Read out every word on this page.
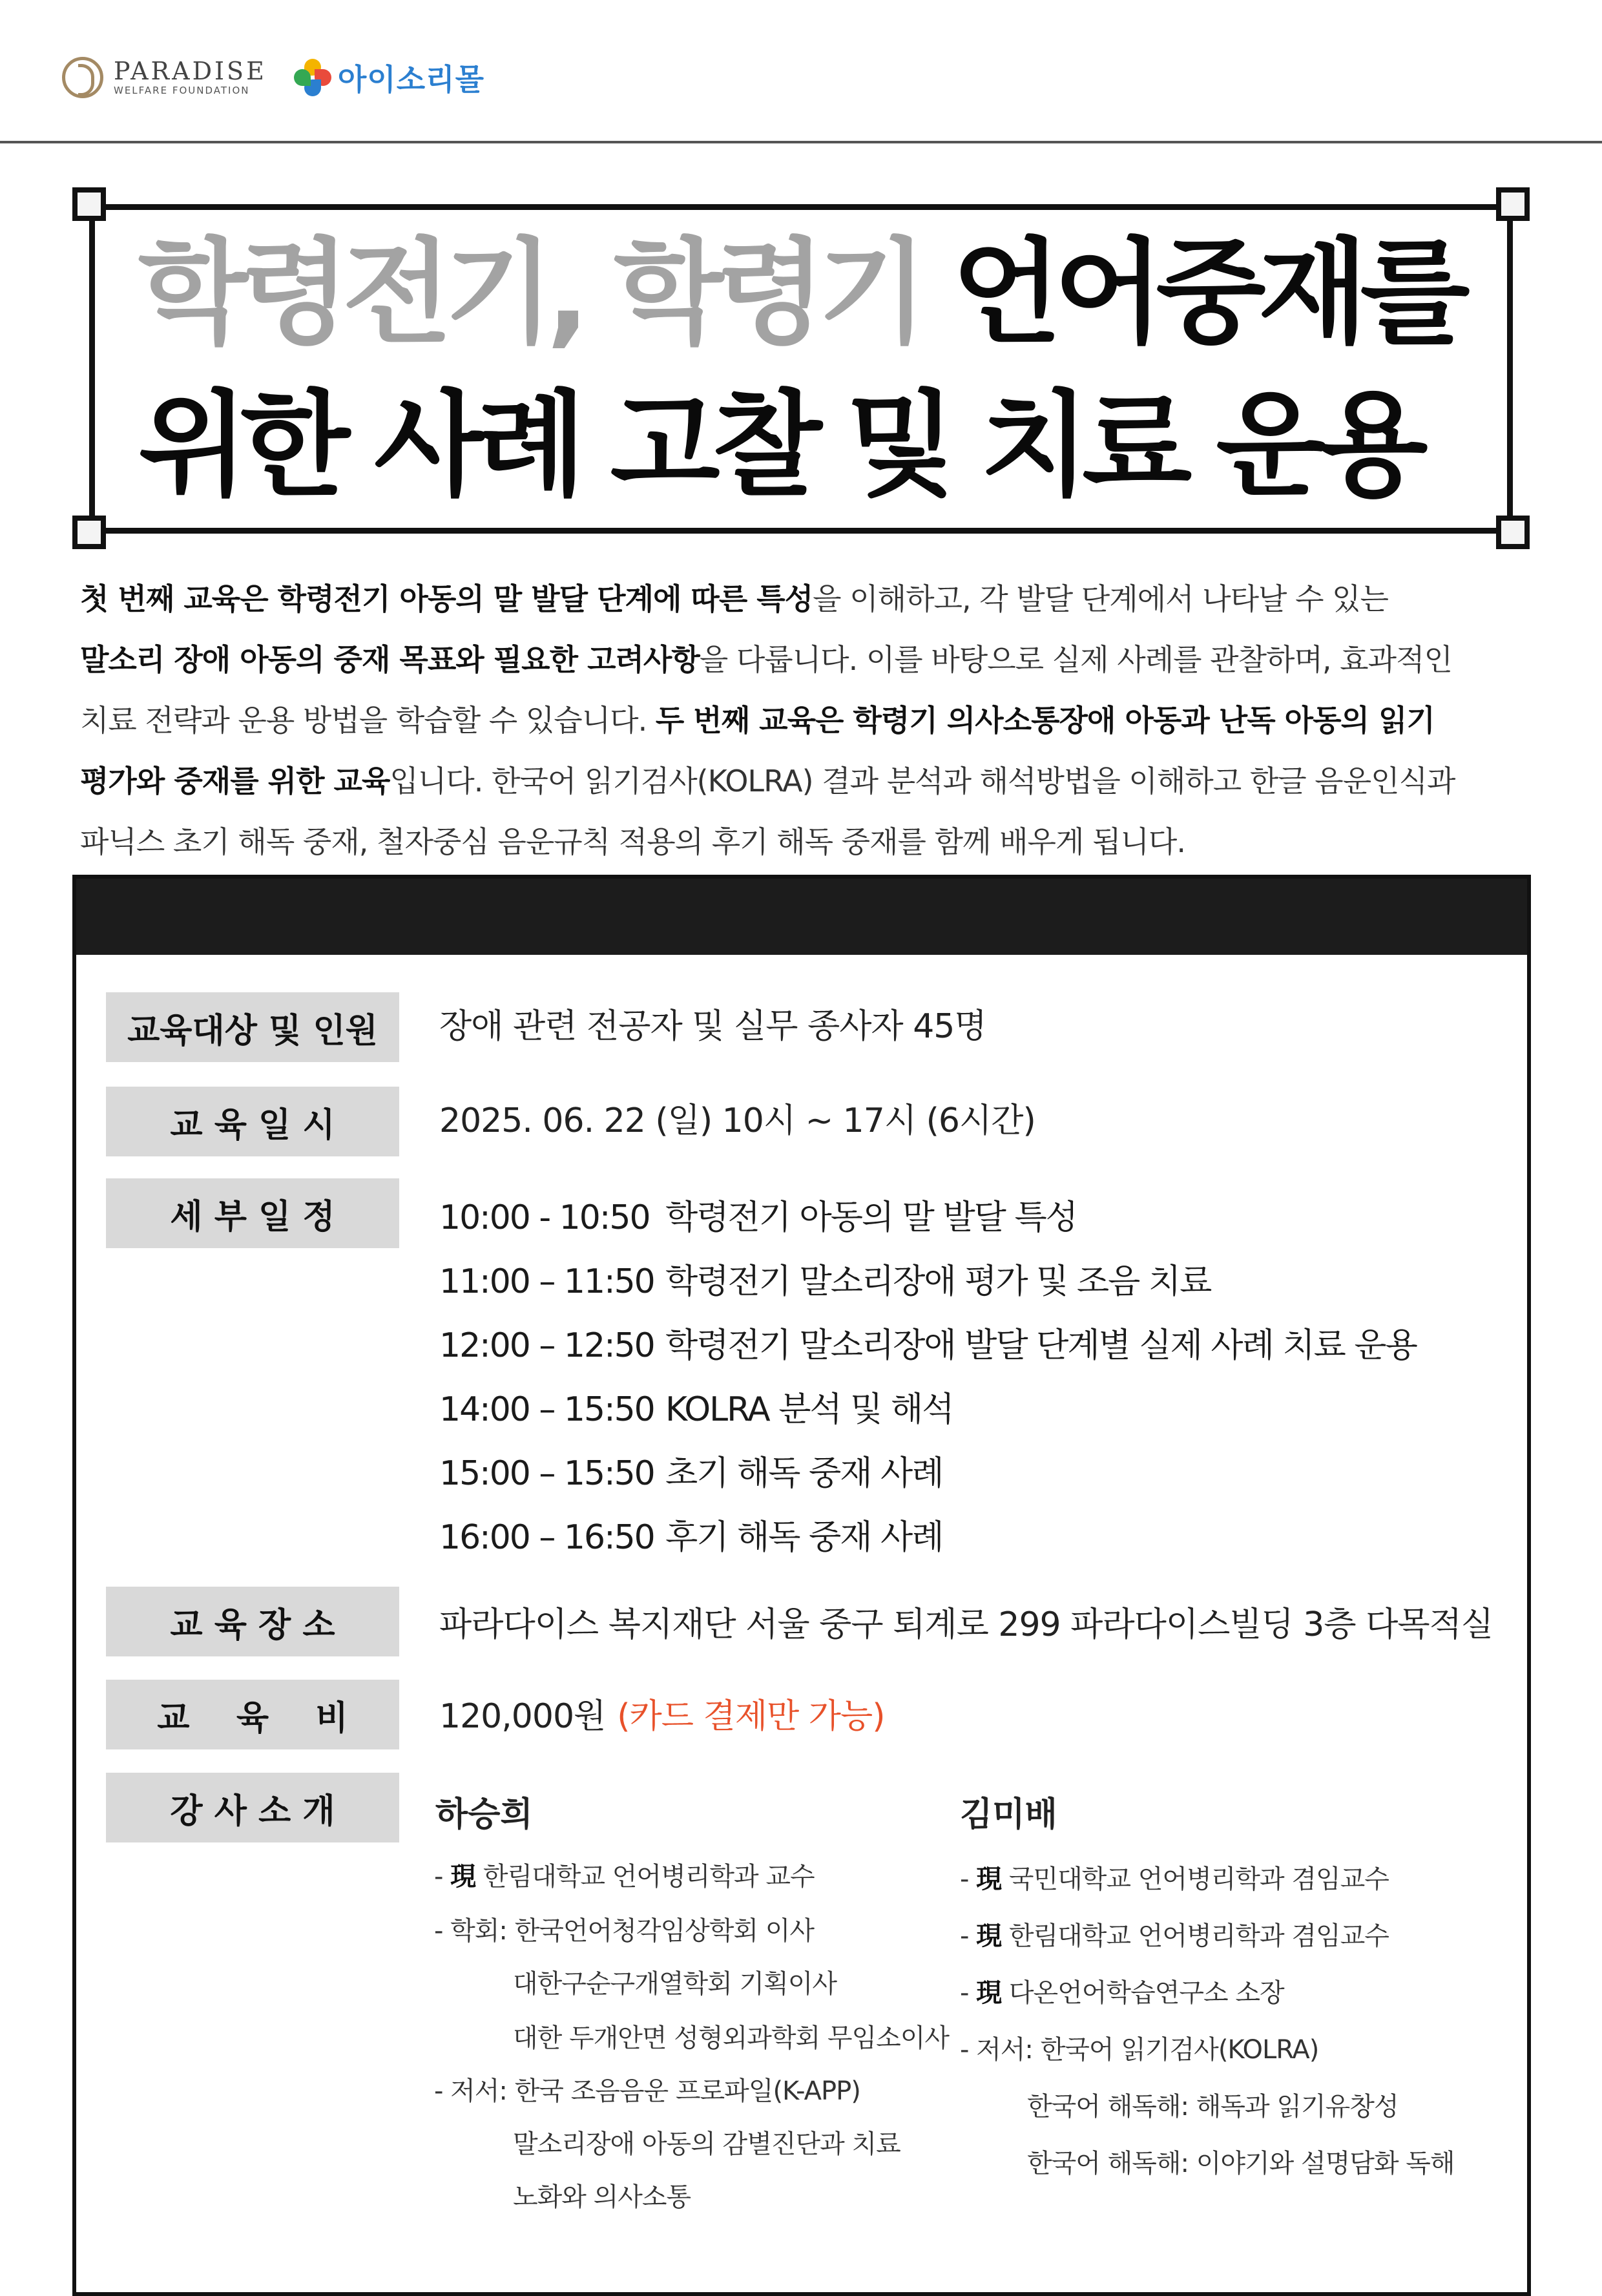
PARADISE
WELFARE FOUNDATION	아이소리몰
학령전기, 학령기 언어중재를
위한 사례 고찰 및 치료 운용
첫 번째 교육은 학령전기 아동의 말 발달 단계에 따른 특성을 이해하고, 각 발달 단계에서 나타날 수 있는
말소리 장애 아동의 중재 목표와 필요한 고려사항을 다룹니다. 이를 바탕으로 실제 사례를 관찰하며, 효과적인
치료 전략과 운용 방법을 학습할 수 있습니다. 두 번째 교육은 학령기 의사소통장애 아동과 난독 아동의 읽기
평가와 중재를 위한 교육입니다. 한국어 읽기검사(KOLRA) 결과 분석과 해석방법을 이해하고 한글 음운인식과
파닉스 초기 해독 중재, 철자중심 음운규칙 적용의 후기 해독 중재를 함께 배우게 됩니다.
교육대상 및 인원	장애 관련 전공자 및 실무 종사자 45명
교 육 일 시	2025. 06. 22 (일) 10시 ~ 17시 (6시간)
세 부 일 정	10:00 - 10:50 학령전기 아동의 말 발달 특성
11:00 – 11:50 학령전기 말소리장애 평가 및 조음 치료
12:00 – 12:50 학령전기 말소리장애 발달 단계별 실제 사례 치료 운용
14:00 – 15:50 KOLRA 분석 및 해석
15:00 – 15:50 초기 해독 중재 사례
16:00 – 16:50 후기 해독 중재 사례
교 육 장 소	파라다이스 복지재단 서울 중구 퇴계로 299 파라다이스빌딩 3층 다목적실
교    육    비	120,000원 (카드 결제만 가능)
강 사 소 개	하승희
- 現 한림대학교 언어병리학과 교수
- 학회: 한국언어청각임상학회 이사
대한구순구개열학회 기획이사
대한 두개안면 성형외과학회 무임소이사
- 저서: 한국 조음음운 프로파일(K-APP)
말소리장애 아동의 감별진단과 치료
노화와 의사소통
김미배
- 現 국민대학교 언어병리학과 겸임교수
- 現 한림대학교 언어병리학과 겸임교수
- 現 다온언어학습연구소 소장
- 저서: 한국어 읽기검사(KOLRA)
한국어 해독해: 해독과 읽기유창성
한국어 해독해: 이야기와 설명담화 독해
